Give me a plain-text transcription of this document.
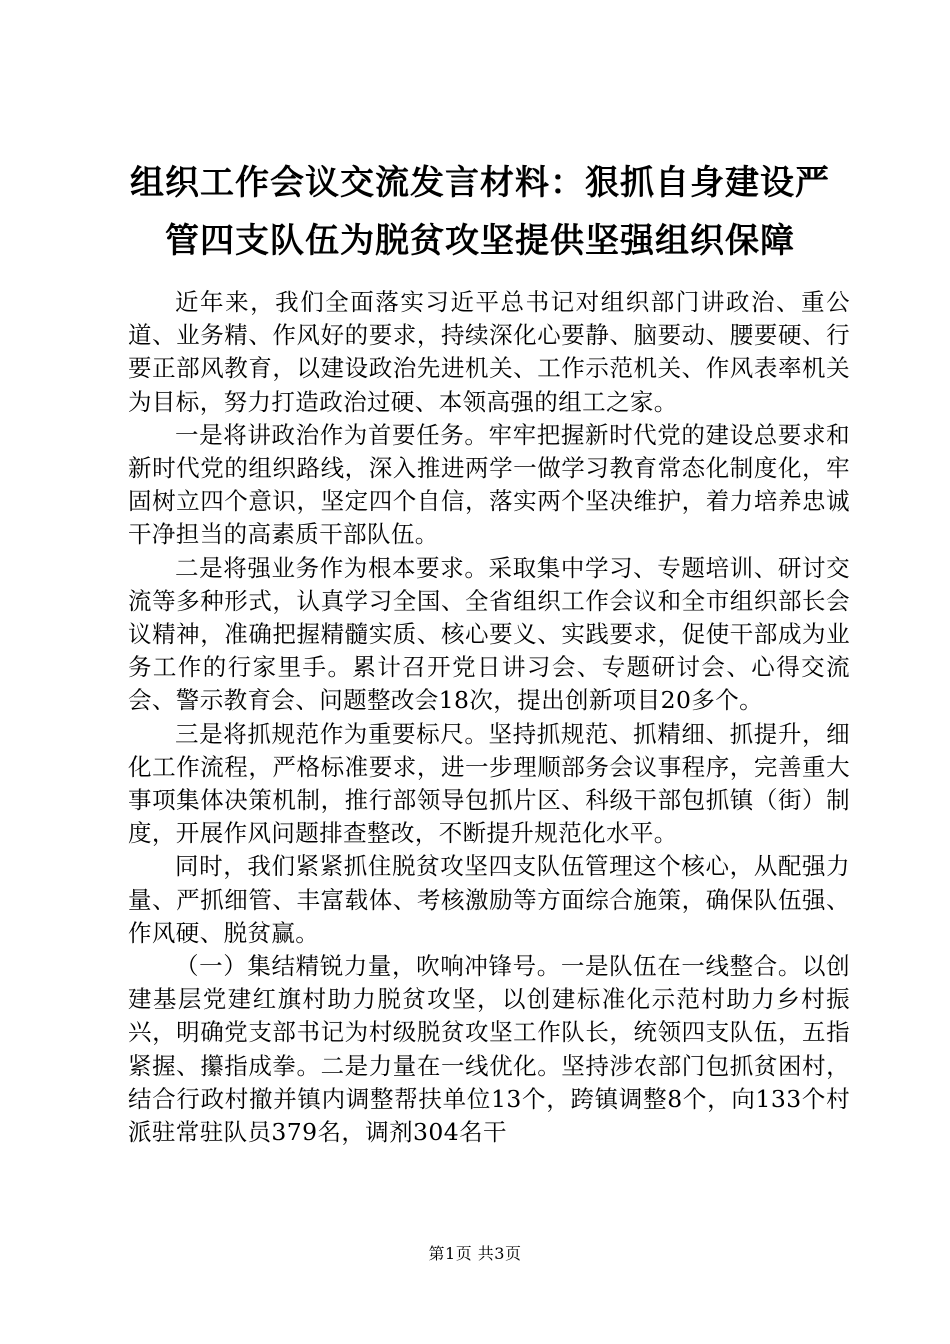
组织工作会议交流发言材料：狠抓自身建设严
管四支队伍为脱贫攻坚提供坚强组织保障

近年来，我们全面落实习近平总书记对组织部门讲政治、重公道、业务精、作风好的要求，持续深化心要静、脑要动、腰要硬、行要正部风教育，以建设政治先进机关、工作示范机关、作风表率机关为目标，努力打造政治过硬、本领高强的组工之家。

一是将讲政治作为首要任务。牢牢把握新时代党的建设总要求和新时代党的组织路线，深入推进两学一做学习教育常态化制度化，牢固树立四个意识，坚定四个自信，落实两个坚决维护，着力培养忠诚干净担当的高素质干部队伍。

二是将强业务作为根本要求。采取集中学习、专题培训、研讨交流等多种形式，认真学习全国、全省组织工作会议和全市组织部长会议精神，准确把握精髓实质、核心要义、实践要求，促使干部成为业务工作的行家里手。累计召开党日讲习会、专题研讨会、心得交流会、警示教育会、问题整改会18次，提出创新项目20多个。

三是将抓规范作为重要标尺。坚持抓规范、抓精细、抓提升，细化工作流程，严格标准要求，进一步理顺部务会议事程序，完善重大事项集体决策机制，推行部领导包抓片区、科级干部包抓镇（街）制度，开展作风问题排查整改，不断提升规范化水平。

同时，我们紧紧抓住脱贫攻坚四支队伍管理这个核心，从配强力量、严抓细管、丰富载体、考核激励等方面综合施策，确保队伍强、作风硬、脱贫赢。

（一）集结精锐力量，吹响冲锋号。一是队伍在一线整合。以创建基层党建红旗村助力脱贫攻坚，以创建标准化示范村助力乡村振兴，明确党支部书记为村级脱贫攻坚工作队长，统领四支队伍，五指紧握、攥指成拳。二是力量在一线优化。坚持涉农部门包抓贫困村，结合行政村撤并镇内调整帮扶单位13个，跨镇调整8个，向133个村派驻常驻队员379名，调剂304名干

第1页 共3页
